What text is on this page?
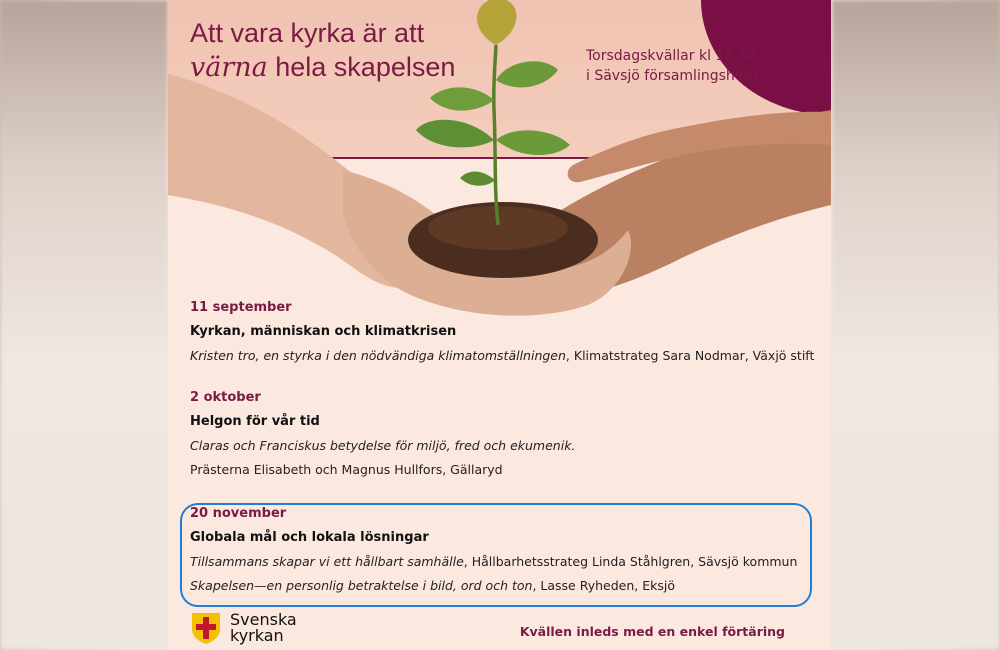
Att vara kyrka är att
värna hela skapelsen	Torsdagskvällar kl 18:30
i Sävsjö församlingshem
11 september
Kyrkan, människan och klimatkrisen
Kristen tro, en styrka i den nödvändiga klimatomställningen, Klimatstrateg Sara Nodmar, Växjö stift
2 oktober
Helgon för vår tid
Claras och Franciskus betydelse för miljö, fred och ekumenik.
Prästerna Elisabeth och Magnus Hullfors, Gällaryd
20 november
Globala mål och lokala lösningar
Tillsammans skapar vi ett hållbart samhälle, Hållbarhetsstrateg Linda Ståhlgren, Sävsjö kommun
Skapelsen—en personlig betraktelse i bild, ord och ton, Lasse Ryheden, Eksjö
Svenska
kyrkan	Kvällen inleds med en enkel förtäring
